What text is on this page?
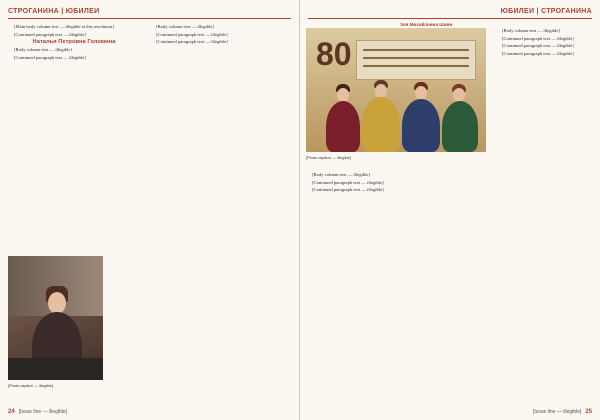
СТРОГАНИНА | ЮБИЛЕИ

[Main body column text — illegible at this resolution]

[Continued paragraph text — illegible]

Наталья Петровна Голомина

[Body column text — illegible]

[Continued paragraph text — illegible]

[Body column text — illegible]

[Continued paragraph text — illegible]

[Continued paragraph text — illegible]

[Photo caption — illegible]
24 [Issue line — illegible]
ЮБИЛЕИ | СТРОГАНИНА
Зоя Михайловна Шиян
80
[Photo caption — illegible]

[Body column text — illegible]

[Continued paragraph text — illegible]

[Continued paragraph text — illegible]

[Body column text — illegible]

[Continued paragraph text — illegible]

[Continued paragraph text — illegible]

[Continued paragraph text — illegible]

[Issue line — illegible] 25
